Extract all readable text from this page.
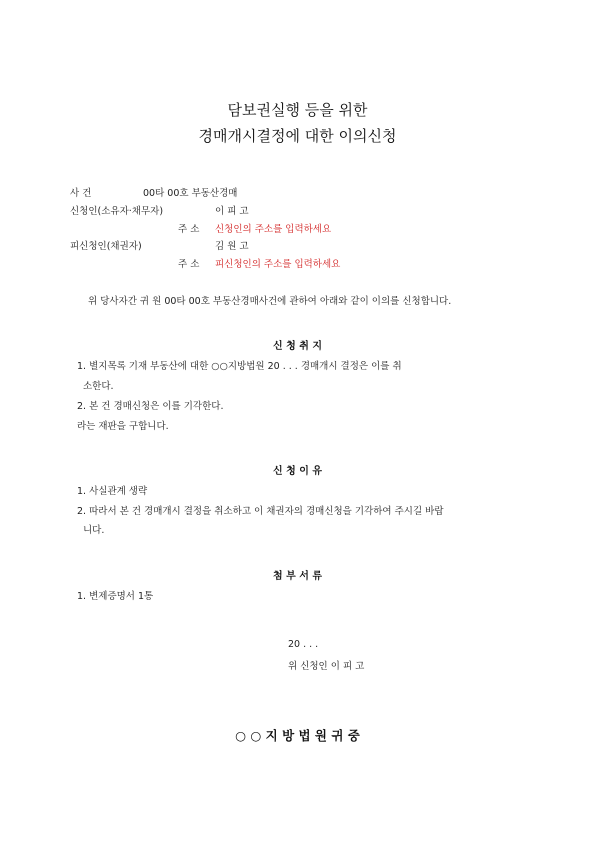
담보권실행 등을 위한
경매개시결정에 대한 이의신청
사 건	00타 00호 부동산경매
신청인(소유자·채무자)	이 피 고
주 소 신청인의 주소를 입력하세요
피신청인(채권자)	김 원 고
주 소 피신청인의 주소를 입력하세요
위 당사자간 귀 원 00타 00호 부동산경매사건에 관하여 아래와 같이 이의를 신청합니다.
신 청 취 지
1. 별지목록 기재 부동산에 대한 ○○지방법원 20 . . . 경매개시 결정은 이를 취
소한다.
2. 본 건 경매신청은 이를 기각한다.
라는 재판을 구합니다.
신 청 이 유
1. 사실관계 생략
2. 따라서 본 건 경매개시 결정을 취소하고 이 채권자의 경매신청을 기각하여 주시길 바랍
니다.
첨 부 서 류
1. 변제증명서 1통
20 . . .
위 신청인 이 피 고
○ ○ 지 방 법 원 귀 중
